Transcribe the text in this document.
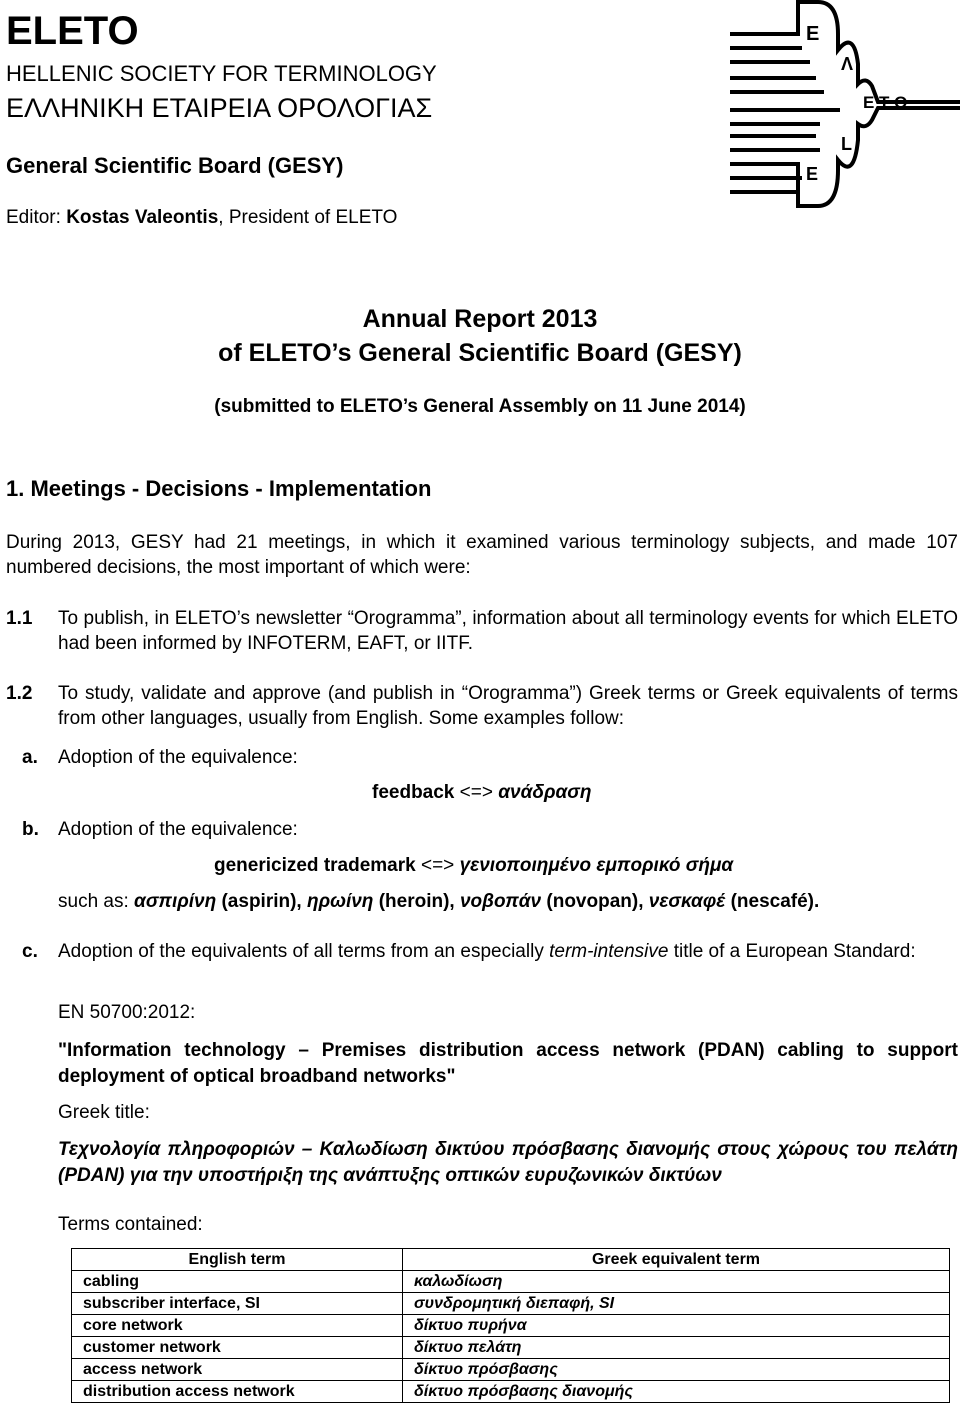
ELETO
HELLENIC SOCIETY FOR TERMINOLOGY
ΕΛΛΗΝΙΚΗ ΕΤΑΙΡΕΙΑ ΟΡΟΛΟΓΙΑΣ
General Scientific Board (GESY)
Editor: Kostas Valeontis, President of ELETO
Ε
Λ
Ε Τ Ο
L
E
Annual Report 2013
of ELETO’s General Scientific Board (GESY)
(submitted to ELETO’s General Assembly on 11 June 2014)
1. Meetings - Decisions - Implementation
During 2013, GESY had 21 meetings, in which it examined various terminology subjects, and made 107 numbered decisions, the most important of which were:
1.1 To publish, in ELETO’s newsletter “Orogramma”, information about all terminology events for which ELETO had been informed by INFOTERM, EAFT, or IITF.
1.2 To study, validate and approve (and publish in “Orogramma”) Greek terms or Greek equivalents of terms from other languages, usually from English. Some examples follow:
a. Adoption of the equivalence:
feedback <=> ανάδραση
b. Adoption of the equivalence:
genericized trademark <=> γενιοποιημένο εμπορικό σήμα
such as: ασπιρίνη (aspirin), ηρωίνη (heroin), νοβοπάν (novopan), νεσκαφέ (nescafé).
c. Adoption of the equivalents of all terms from an especially term-intensive title of a European Standard:
EN 50700:2012:
"Information technology – Premises distribution access network (PDAN) cabling to support deployment of optical broadband networks"
Greek title:
Τεχνολογία πληροφοριών – Καλωδίωση δικτύου πρόσβασης διανομής στους χώρους του πελάτη (PDAN) για την υποστήριξη της ανάπτυξης οπτικών ευρυζωνικών δικτύων
Terms contained:
English term	Greek equivalent term
cabling	καλωδίωση
subscriber interface, SI	συνδρομητική διεπαφή, SI
core network	δίκτυο πυρήνα
customer network	δίκτυο πελάτη
access network	δίκτυο πρόσβασης
distribution access network	δίκτυο πρόσβασης διανομής
